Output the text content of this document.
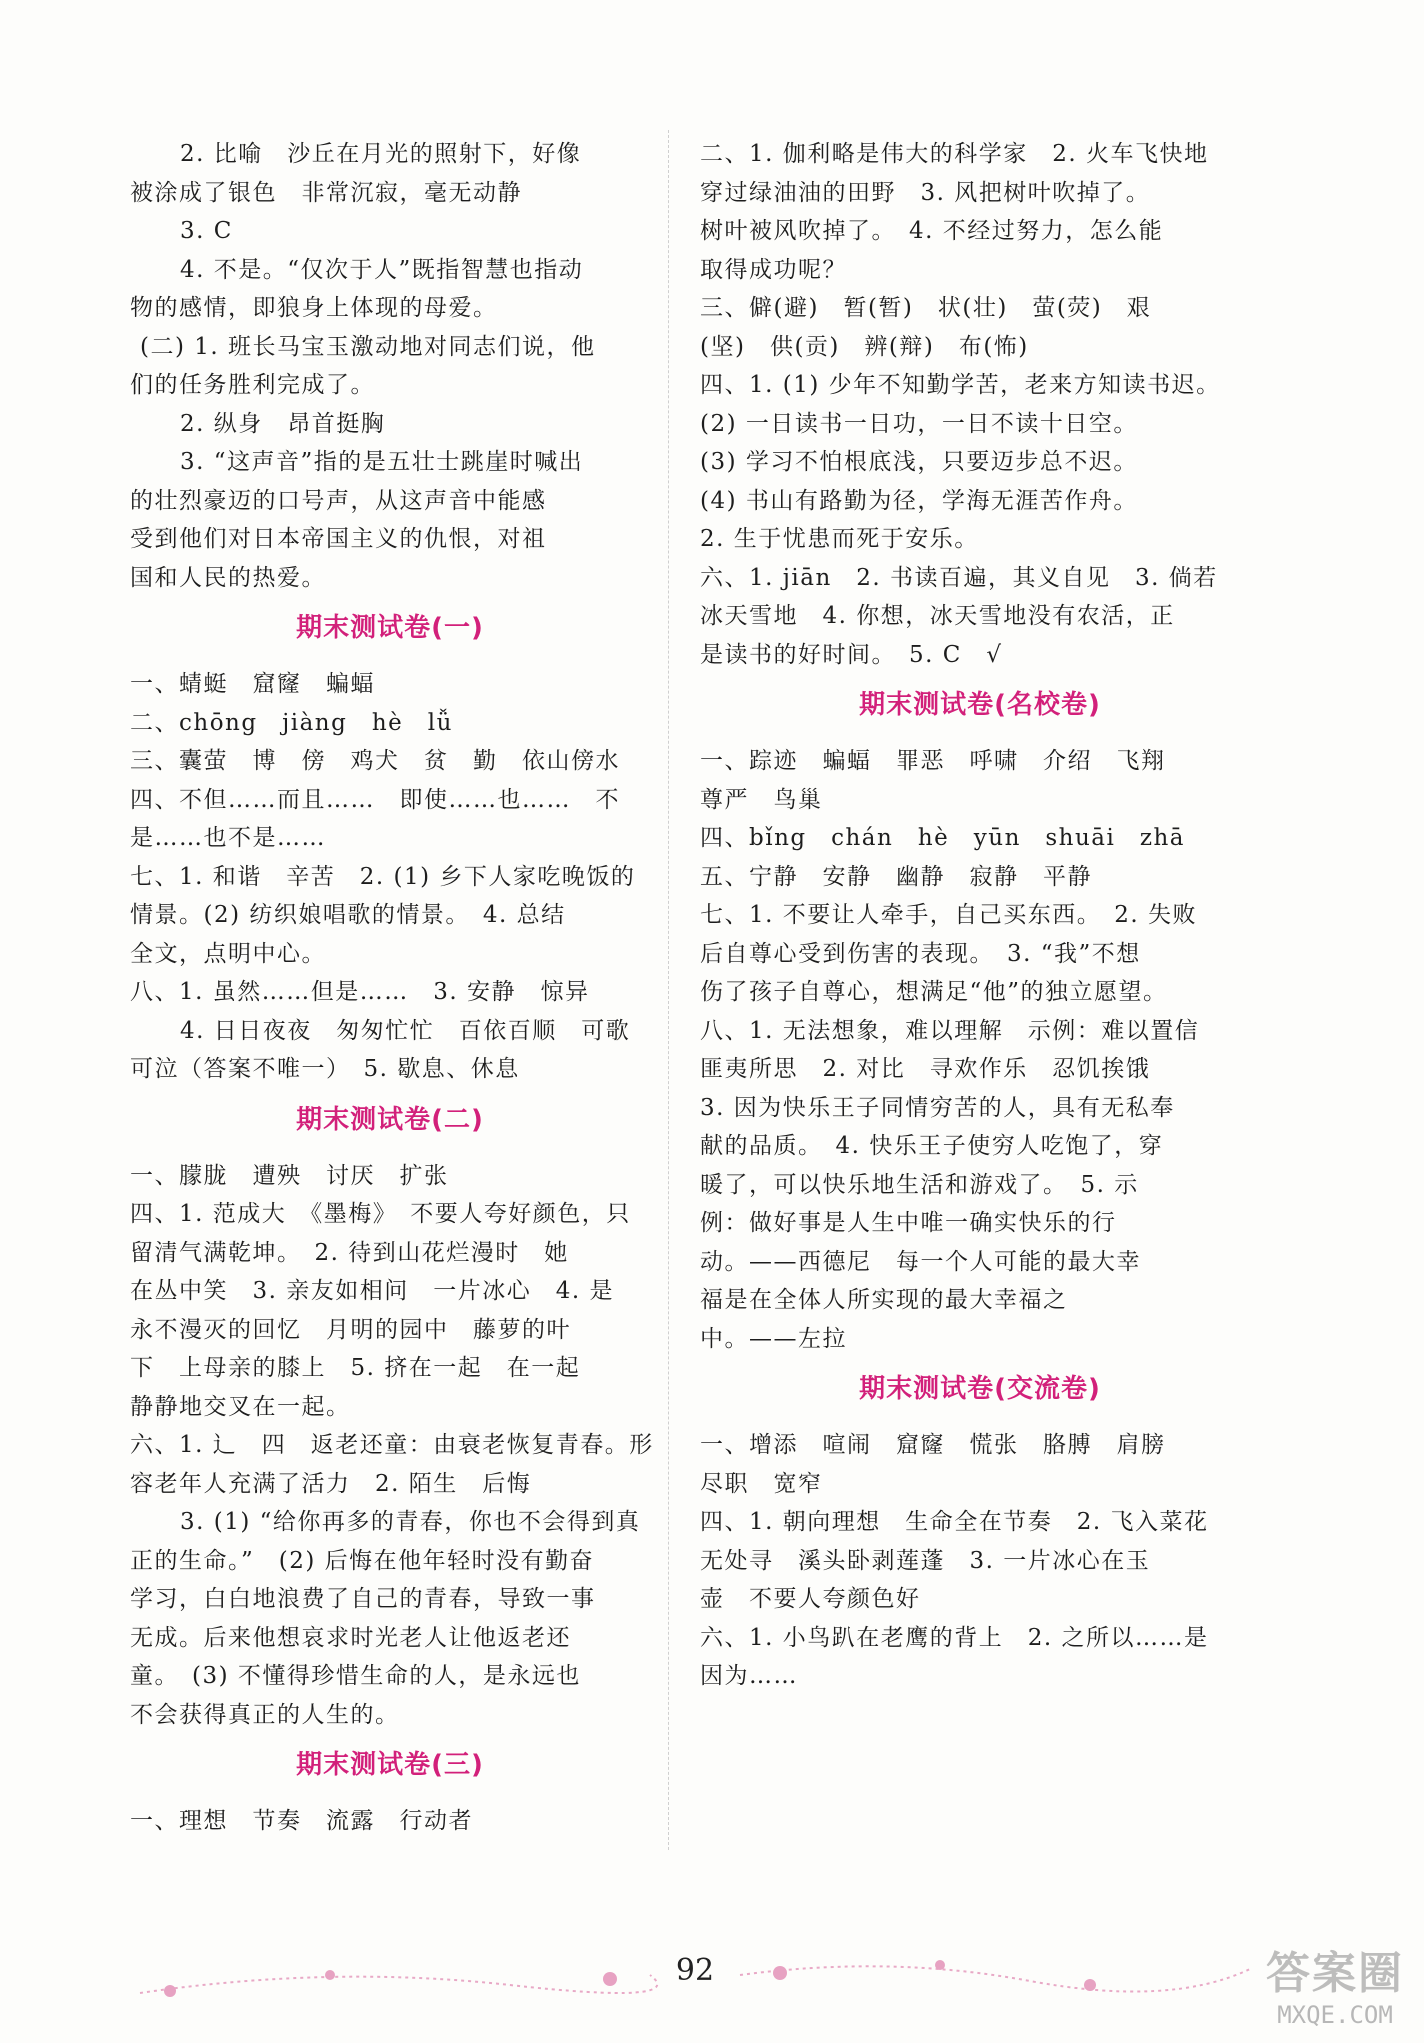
2. 比喻　沙丘在月光的照射下，好像
被涂成了银色　非常沉寂，毫无动静
3. C
4. 不是。“仅次于人”既指智慧也指动
物的感情，即狼身上体现的母爱。
(二) 1. 班长马宝玉激动地对同志们说，他
们的任务胜利完成了。
2. 纵身　昂首挺胸
3. “这声音”指的是五壮士跳崖时喊出
的壮烈豪迈的口号声，从这声音中能感
受到他们对日本帝国主义的仇恨，对祖
国和人民的热爱。
期末测试卷(一)
一、蜻蜓　窟窿　蝙蝠
二、chōng　jiàng　hè　lǚ
三、囊萤　博　傍　鸡犬　贫　勤　依山傍水
四、不但……而且……　即使……也……　不
是……也不是……
七、1. 和谐　辛苦　2. (1) 乡下人家吃晚饭的
情景。(2) 纺织娘唱歌的情景。　4. 总结
全文，点明中心。
八、1. 虽然……但是……　3. 安静　惊异
4. 日日夜夜　匆匆忙忙　百依百顺　可歌
可泣（答案不唯一）　5. 歇息、休息
期末测试卷(二)
一、朦胧　遭殃　讨厌　扩张
四、1. 范成大　《墨梅》　不要人夸好颜色，只
留清气满乾坤。　2. 待到山花烂漫时　她
在丛中笑　3. 亲友如相问　一片冰心　4. 是
永不漫灭的回忆　月明的园中　藤萝的叶
下　上母亲的膝上　5. 挤在一起　在一起
静静地交叉在一起。
六、1. 辶　四　返老还童：由衰老恢复青春。形
容老年人充满了活力　2. 陌生　后悔
3. (1) “给你再多的青春，你也不会得到真
正的生命。”　(2) 后悔在他年轻时没有勤奋
学习，白白地浪费了自己的青春，导致一事
无成。后来他想哀求时光老人让他返老还
童。　(3) 不懂得珍惜生命的人，是永远也
不会获得真正的人生的。
期末测试卷(三)
一、理想　节奏　流露　行动者
二、1. 伽利略是伟大的科学家　2. 火车飞快地
穿过绿油油的田野　3. 风把树叶吹掉了。
树叶被风吹掉了。　4. 不经过努力，怎么能
取得成功呢？
三、僻(避)　暂(暂)　状(壮)　萤(荧)　艰
(坚)　供(贡)　辨(辩)　布(怖)
四、1. (1) 少年不知勤学苦，老来方知读书迟。
(2) 一日读书一日功，一日不读十日空。
(3) 学习不怕根底浅，只要迈步总不迟。
(4) 书山有路勤为径，学海无涯苦作舟。
2. 生于忧患而死于安乐。
六、1. jiān　2. 书读百遍，其义自见　3. 倘若
冰天雪地　4. 你想，冰天雪地没有农活，正
是读书的好时间。　5. C　√
期末测试卷(名校卷)
一、踪迹　蝙蝠　罪恶　呼啸　介绍　飞翔
尊严　鸟巢
四、bǐng　chán　hè　yūn　shuāi　zhā
五、宁静　安静　幽静　寂静　平静
七、1. 不要让人牵手，自己买东西。　2. 失败
后自尊心受到伤害的表现。　3. “我”不想
伤了孩子自尊心，想满足“他”的独立愿望。
八、1. 无法想象，难以理解　示例：难以置信
匪夷所思　2. 对比　寻欢作乐　忍饥挨饿
3. 因为快乐王子同情穷苦的人，具有无私奉
献的品质。　4. 快乐王子使穷人吃饱了，穿
暖了，可以快乐地生活和游戏了。　5. 示
例：做好事是人生中唯一确实快乐的行
动。——西德尼　每一个人可能的最大幸
福是在全体人所实现的最大幸福之
中。——左拉
期末测试卷(交流卷)
一、增添　喧闹　窟窿　慌张　胳膊　肩膀
尽职　宽窄
四、1. 朝向理想　生命全在节奏　2. 飞入菜花
无处寻　溪头卧剥莲蓬　3. 一片冰心在玉
壶　不要人夸颜色好
六、1. 小鸟趴在老鹰的背上　2. 之所以……是
因为……
92	答案圈
MXQE.COM
